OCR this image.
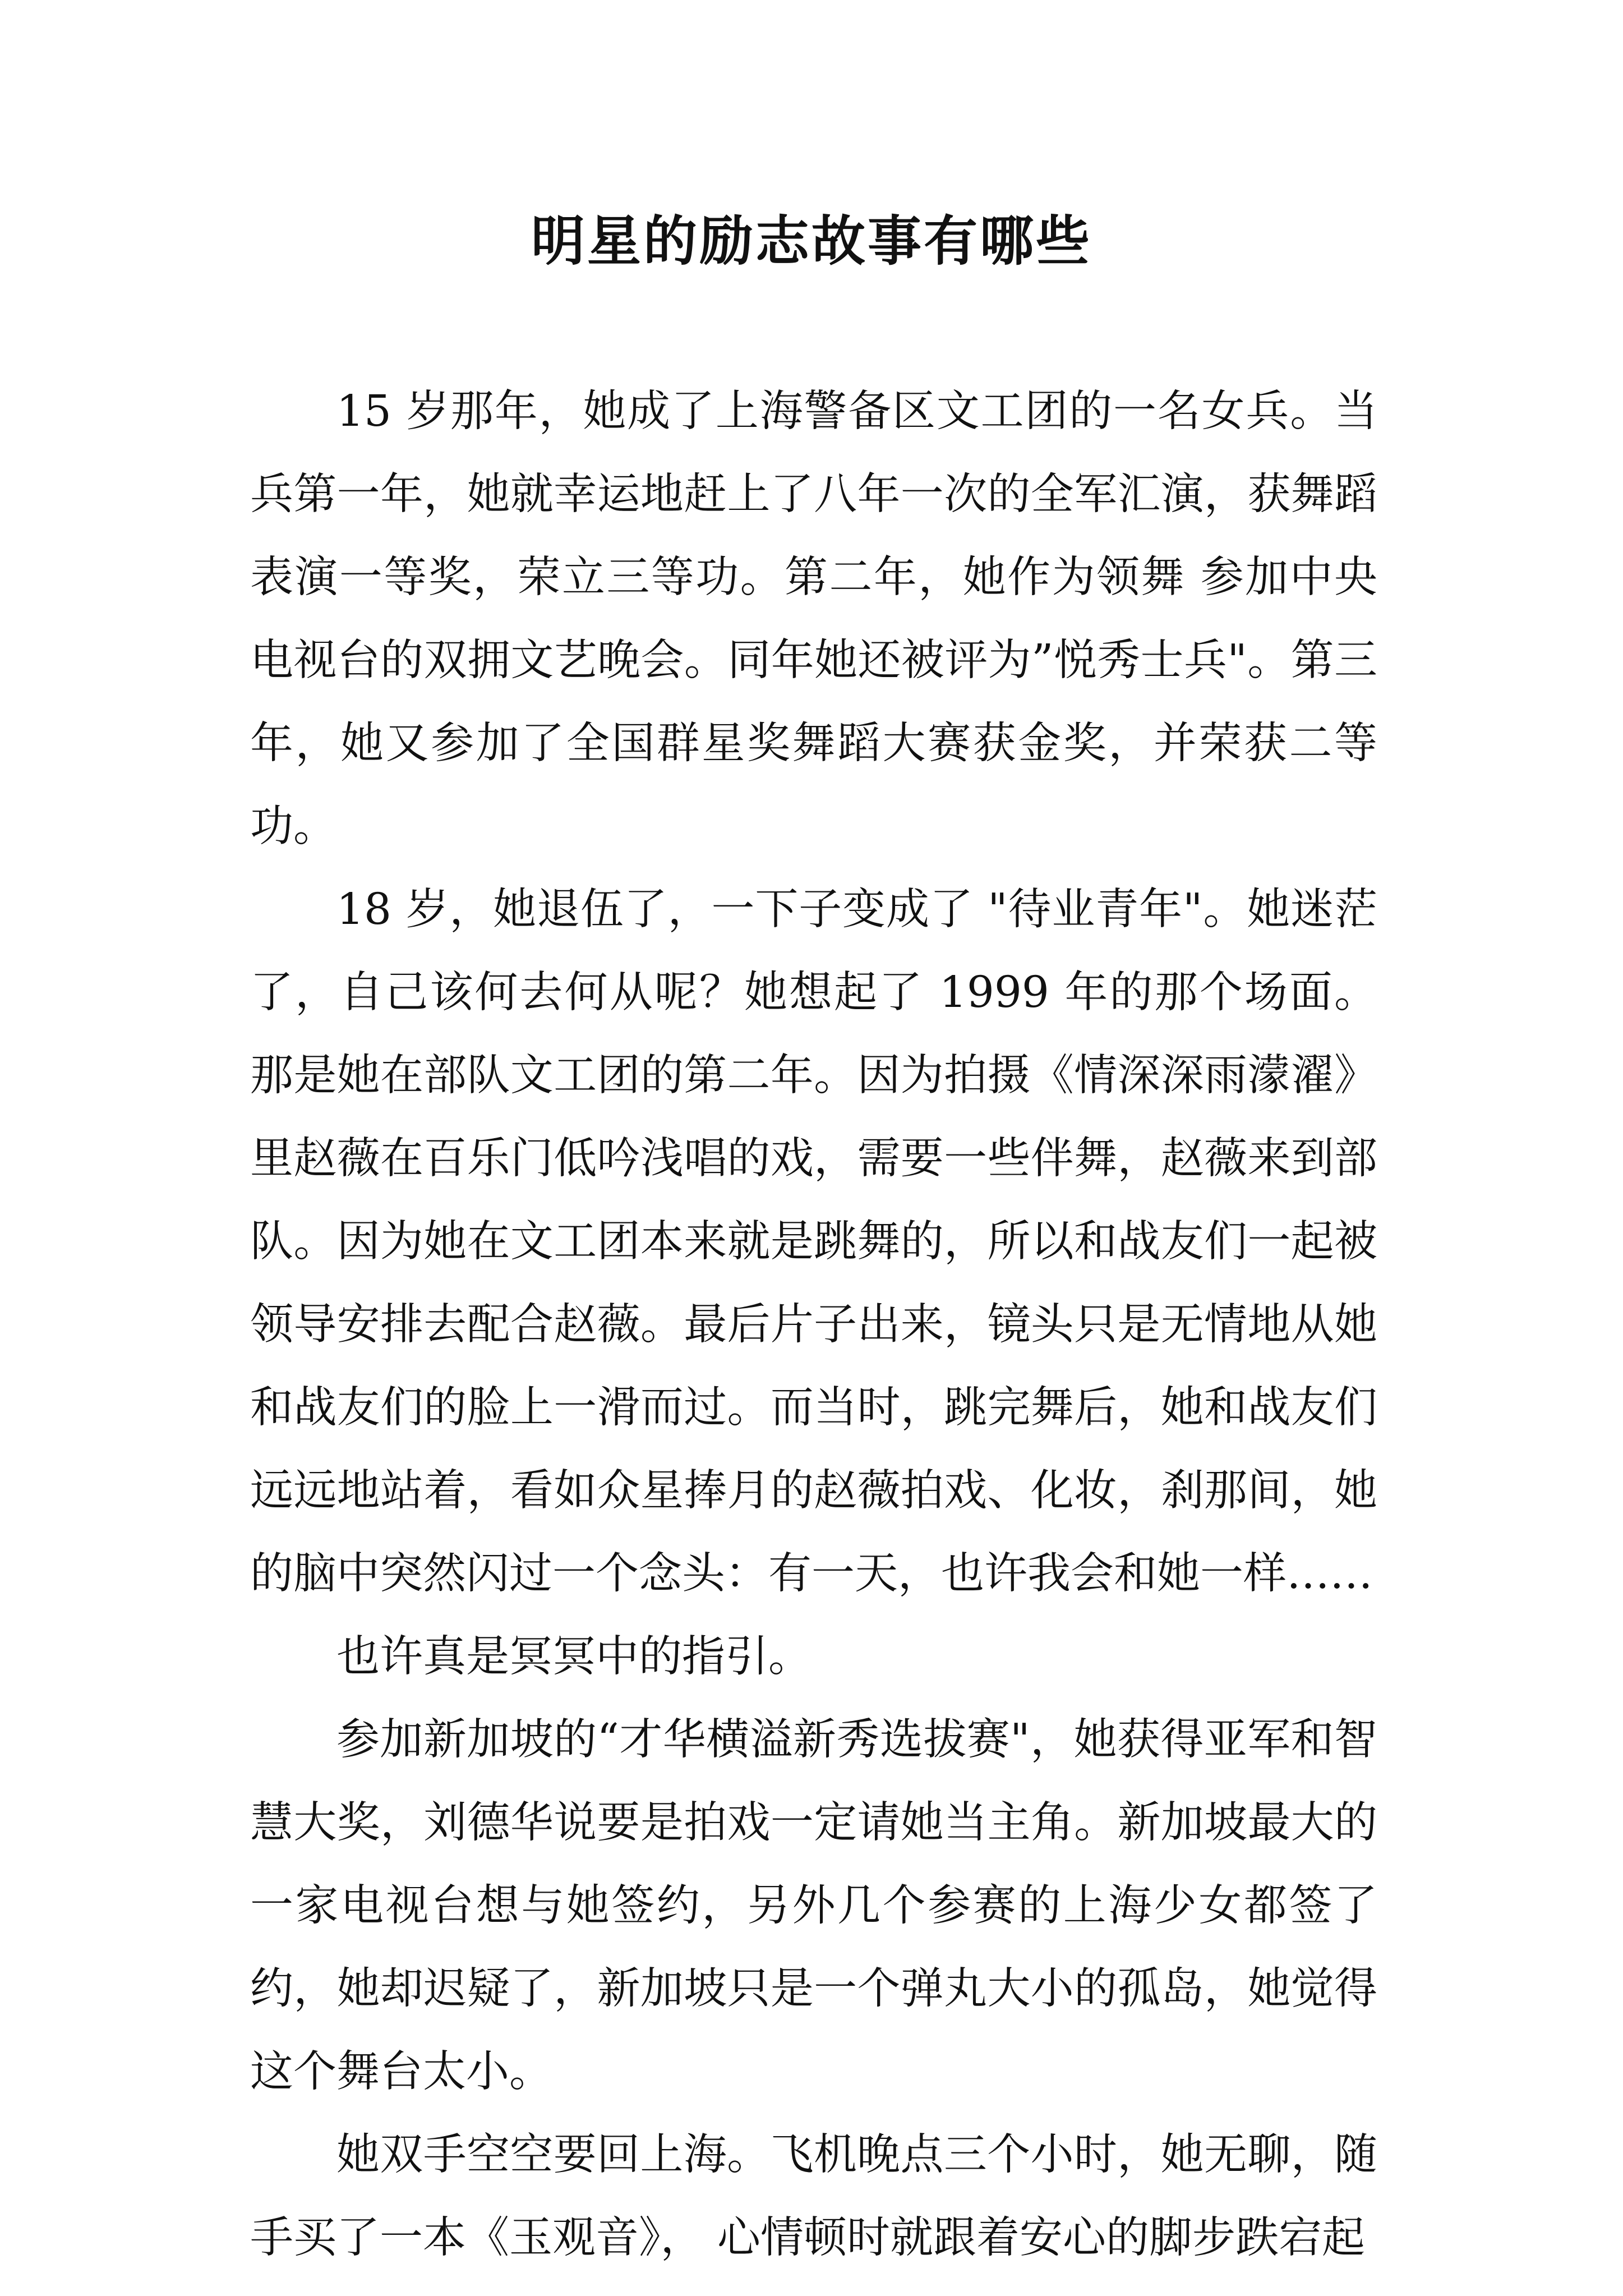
明星的励志故事有哪些

15 岁那年，她成了上海警备区文工团的一名女兵。当兵第一年，她就幸运地赶上了八年一次的全军汇演，获舞蹈表演一等奖，荣立三等功。第二年，她作为领舞 参加中央电视台的双拥文艺晚会。同年她还被评为”悦秀士兵"。第三年，她又参加了全国群星奖舞蹈大赛获金奖，并荣获二等功。

18 岁，她退伍了，一下子变成了 "待业青年"。她迷茫了，自己该何去何从呢？她想起了 1999 年的那个场面。那是她在部队文工团的第二年。因为拍摄《情深深雨濛濯》里赵薇在百乐门低吟浅唱的戏，需要一些伴舞，赵薇来到部队。因为她在文工团本来就是跳舞的，所以和战友们一起被领导安排去配合赵薇。最后片子出来，镜头只是无情地从她和战友们的脸上一滑而过。而当时，跳完舞后，她和战友们远远地站着，看如众星捧月的赵薇拍戏、化妆，刹那间，她的脑中突然闪过一个念头：有一天，也许我会和她一样……

也许真是冥冥中的指引。

参加新加坡的“才华横溢新秀选拔赛"，她获得亚军和智慧大奖，刘德华说要是拍戏一定请她当主角。新加坡最大的一家电视台想与她签约，另外几个参赛的上海少女都签了约，她却迟疑了，新加坡只是一个弹丸大小的孤岛，她觉得这个舞台太小。

她双手空空要回上海。飞机晚点三个小时，她无聊，随手买了一本《玉观音》， 心情顿时就跟着安心的脚步跌宕起
